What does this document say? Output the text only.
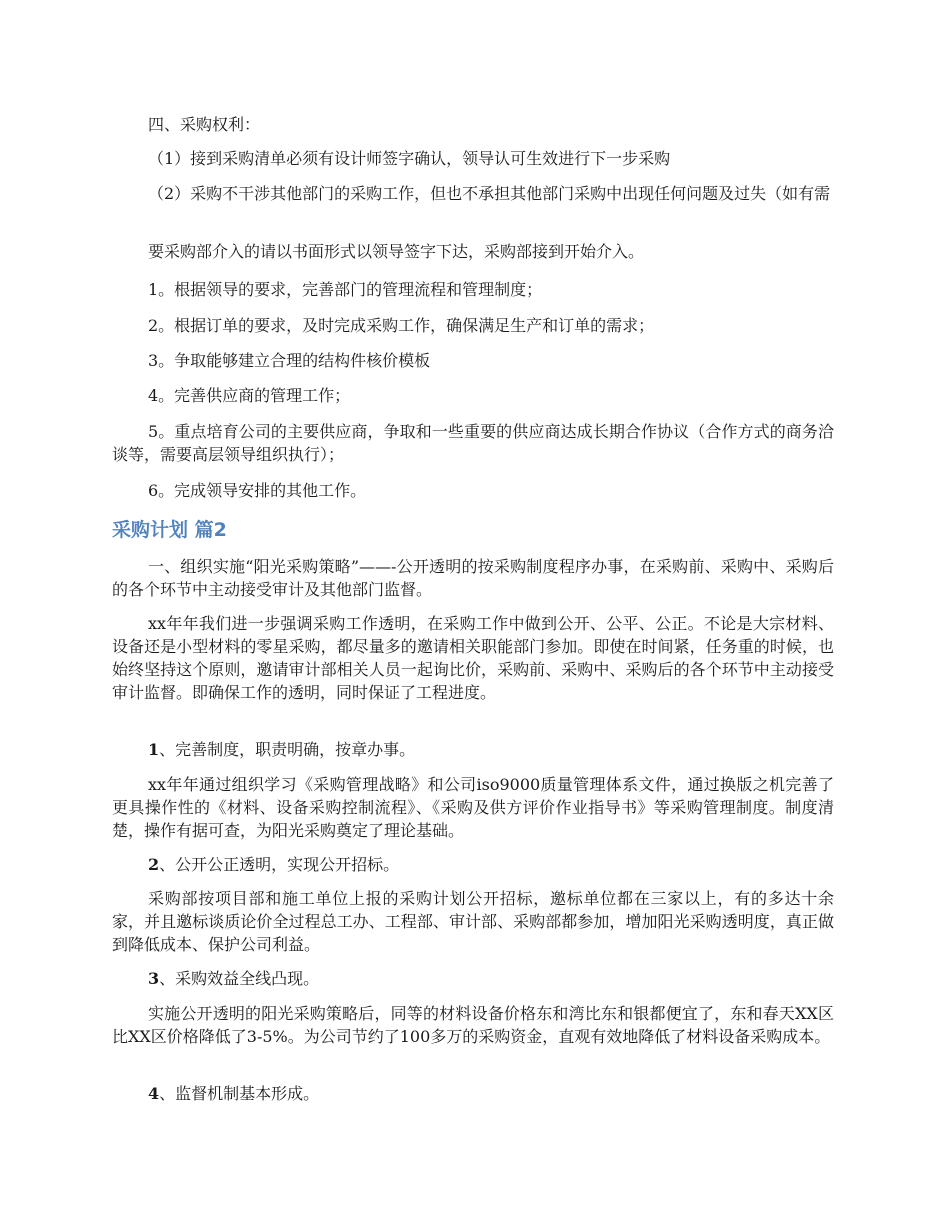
四、采购权利：

（1）接到采购清单必须有设计师签字确认，领导认可生效进行下一步采购

（2）采购不干涉其他部门的采购工作，但也不承担其他部门采购中出现任何问题及过失（如有需

要采购部介入的请以书面形式以领导签字下达，采购部接到开始介入。

1。根据领导的要求，完善部门的管理流程和管理制度；

2。根据订单的要求，及时完成采购工作，确保满足生产和订单的需求；

3。争取能够建立合理的结构件核价模板

4。完善供应商的管理工作；

5。重点培育公司的主要供应商，争取和一些重要的供应商达成长期合作协议（合作方式的商务洽谈等，需要高层领导组织执行）；

6。完成领导安排的其他工作。

采购计划 篇2

一、组织实施“阳光采购策略”——-公开透明的按采购制度程序办事，在采购前、采购中、采购后的各个环节中主动接受审计及其他部门监督。

xx年年我们进一步强调采购工作透明，在采购工作中做到公开、公平、公正。不论是大宗材料、设备还是小型材料的零星采购，都尽量多的邀请相关职能部门参加。即使在时间紧，任务重的时候，也始终坚持这个原则，邀请审计部相关人员一起询比价，采购前、采购中、采购后的各个环节中主动接受审计监督。即确保工作的透明，同时保证了工程进度。

1、完善制度，职责明确，按章办事。

xx年年通过组织学习《采购管理战略》和公司iso9000质量管理体系文件，通过换版之机完善了更具操作性的《材料、设备采购控制流程》、《采购及供方评价作业指导书》等采购管理制度。制度清楚，操作有据可查，为阳光采购奠定了理论基础。

2、公开公正透明，实现公开招标。

采购部按项目部和施工单位上报的采购计划公开招标，邀标单位都在三家以上，有的多达十余家，并且邀标谈质论价全过程总工办、工程部、审计部、采购部都参加，增加阳光采购透明度，真正做到降低成本、保护公司利益。

3、采购效益全线凸现。

实施公开透明的阳光采购策略后，同等的材料设备价格东和湾比东和银都便宜了，东和春天XX区比XX区价格降低了3-5%。为公司节约了100多万的采购资金，直观有效地降低了材料设备采购成本。

4、监督机制基本形成。
